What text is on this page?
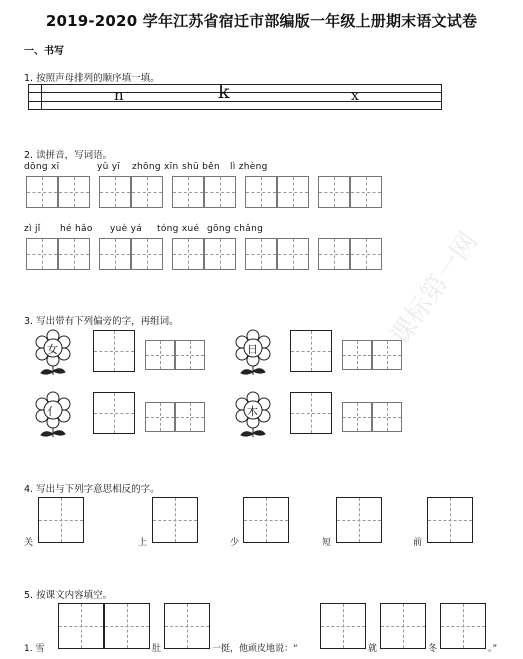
2019-2020 学年江苏省宿迁市部编版一年级上册期末语文试卷
一、书写
1. 按照声母排列的顺序填一填。
n	k	x
2. 读拼音，写词语。
dōng xī	yǔ yī zhōng xīn shū běn lì zhèng
zì jǐ hé hǎo yuè yá tóng xué gōng chǎng
3. 写出带有下列偏旁的字，再组词。
女	日
亻	木
4. 写出与下列字意思相反的字。
关	上	少	短	前
5. 按课文内容填空。
1. 雪	肚	一挺，他顽皮地说：“	就	冬	。”
课标第一网
